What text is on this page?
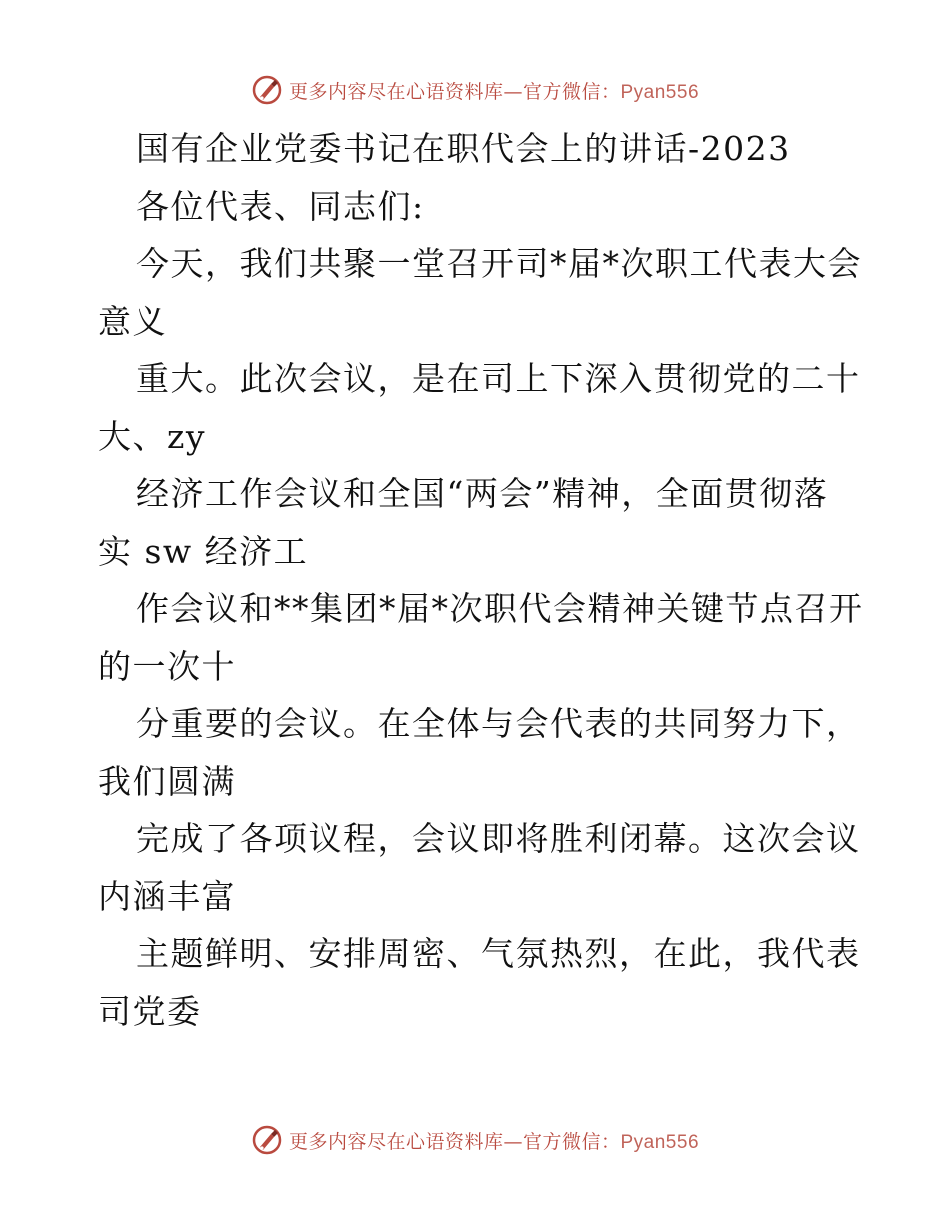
更多内容尽在心语资料库—官方微信：Pyan556
国有企业党委书记在职代会上的讲话-2023
各位代表、同志们:
今天，我们共聚一堂召开司*届*次职工代表大会
意义
重大。此次会议，是在司上下深入贯彻党的二十
大、zy
经济工作会议和全国“两会”精神，全面贯彻落
实 sw 经济工
作会议和**集团*届*次职代会精神关键节点召开
的一次十
分重要的会议。在全体与会代表的共同努力下，
我们圆满
完成了各项议程，会议即将胜利闭幕。这次会议
内涵丰富
主题鲜明、安排周密、气氛热烈，在此，我代表
司党委
更多内容尽在心语资料库—官方微信：Pyan556
